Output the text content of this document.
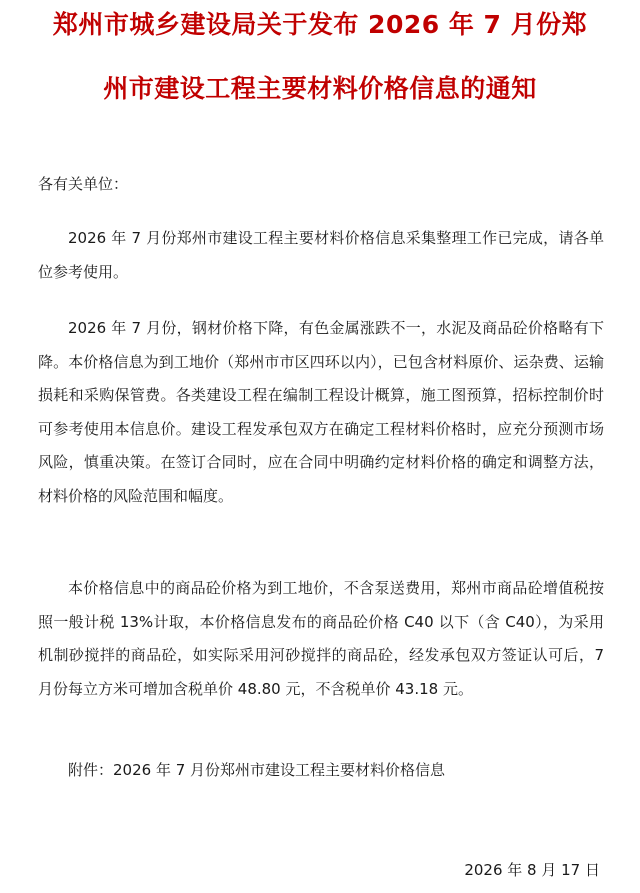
郑州市城乡建设局关于发布 2026 年 7 月份郑
州市建设工程主要材料价格信息的通知
各有关单位：

2026 年 7 月份郑州市建设工程主要材料价格信息采集整理工作已完成，请各单位参考使用。

2026 年 7 月份，钢材价格下降，有色金属涨跌不一，水泥及商品砼价格略有下降。本价格信息为到工地价（郑州市市区四环以内），已包含材料原价、运杂费、运输损耗和采购保管费。各类建设工程在编制工程设计概算，施工图预算，招标控制价时可参考使用本信息价。建设工程发承包双方在确定工程材料价格时，应充分预测市场风险，慎重决策。在签订合同时，应在合同中明确约定材料价格的确定和调整方法，材料价格的风险范围和幅度。

本价格信息中的商品砼价格为到工地价，不含泵送费用，郑州市商品砼增值税按照一般计税 13%计取，本价格信息发布的商品砼价格 C40 以下（含 C40），为采用机制砂搅拌的商品砼，如实际采用河砂搅拌的商品砼，经发承包双方签证认可后，7 月份每立方米可增加含税单价 48.80 元，不含税单价 43.18 元。

附件：2026 年 7 月份郑州市建设工程主要材料价格信息
2026 年 8 月 17 日
